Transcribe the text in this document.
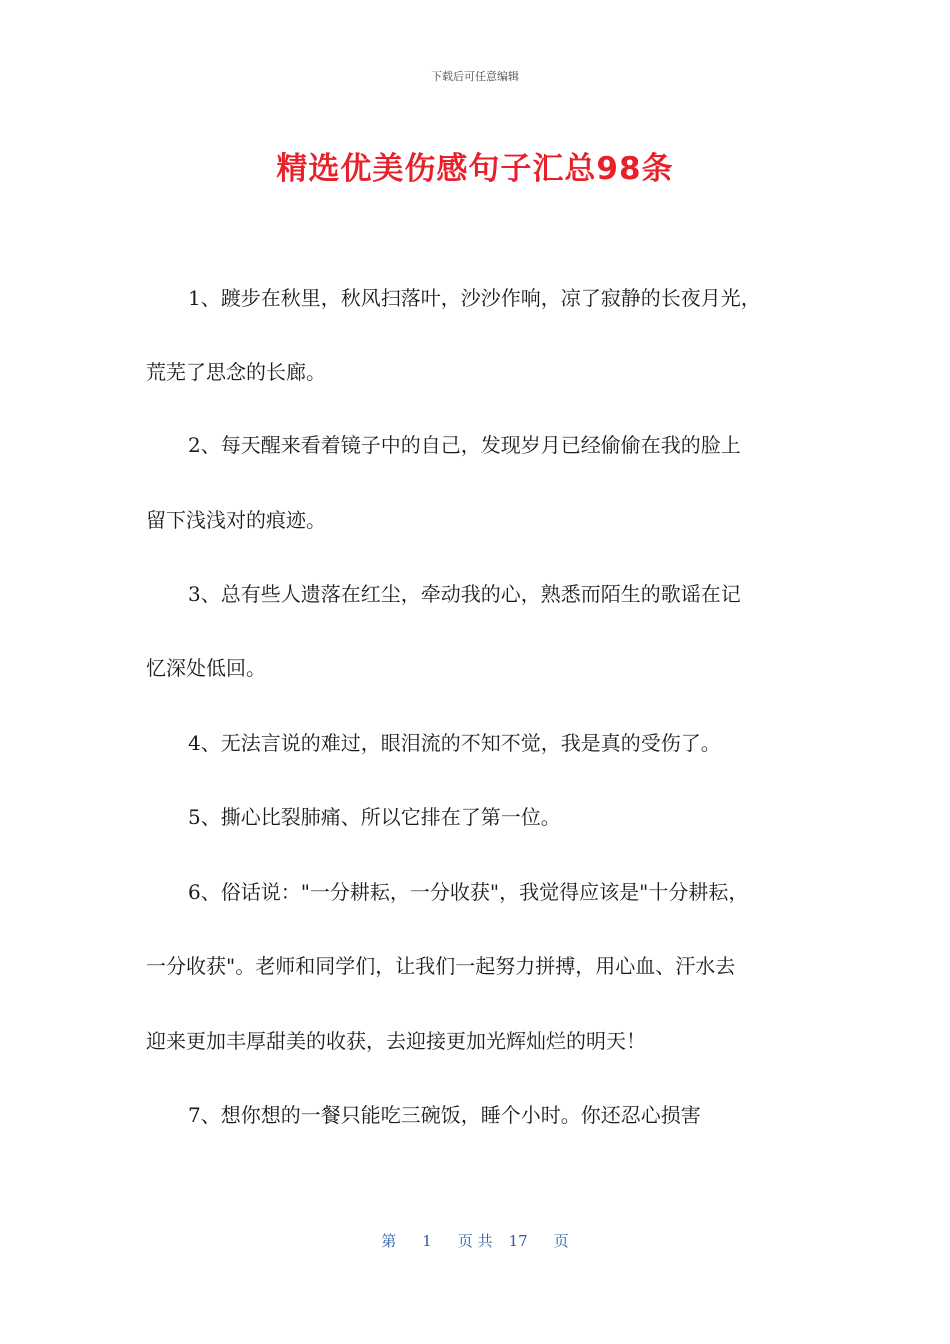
下载后可任意编辑
精选优美伤感句子汇总98条
1、踱步在秋里，秋风扫落叶，沙沙作响，凉了寂静的长夜月光，
荒芜了思念的长廊。
2、每天醒来看着镜子中的自己，发现岁月已经偷偷在我的脸上
留下浅浅对的痕迹。
3、总有些人遗落在红尘，牵动我的心，熟悉而陌生的歌谣在记
忆深处低回。
4、无法言说的难过，眼泪流的不知不觉，我是真的受伤了。
5、撕心比裂肺痛、所以它排在了第一位。
6、俗话说："一分耕耘，一分收获"，我觉得应该是"十分耕耘，
一分收获"。老师和同学们，让我们一起努力拼搏，用心血、汗水去
迎来更加丰厚甜美的收获，去迎接更加光辉灿烂的明天！
7、想你想的一餐只能吃三碗饭，睡个小时。你还忍心损害
第 1 页 共 17 页
